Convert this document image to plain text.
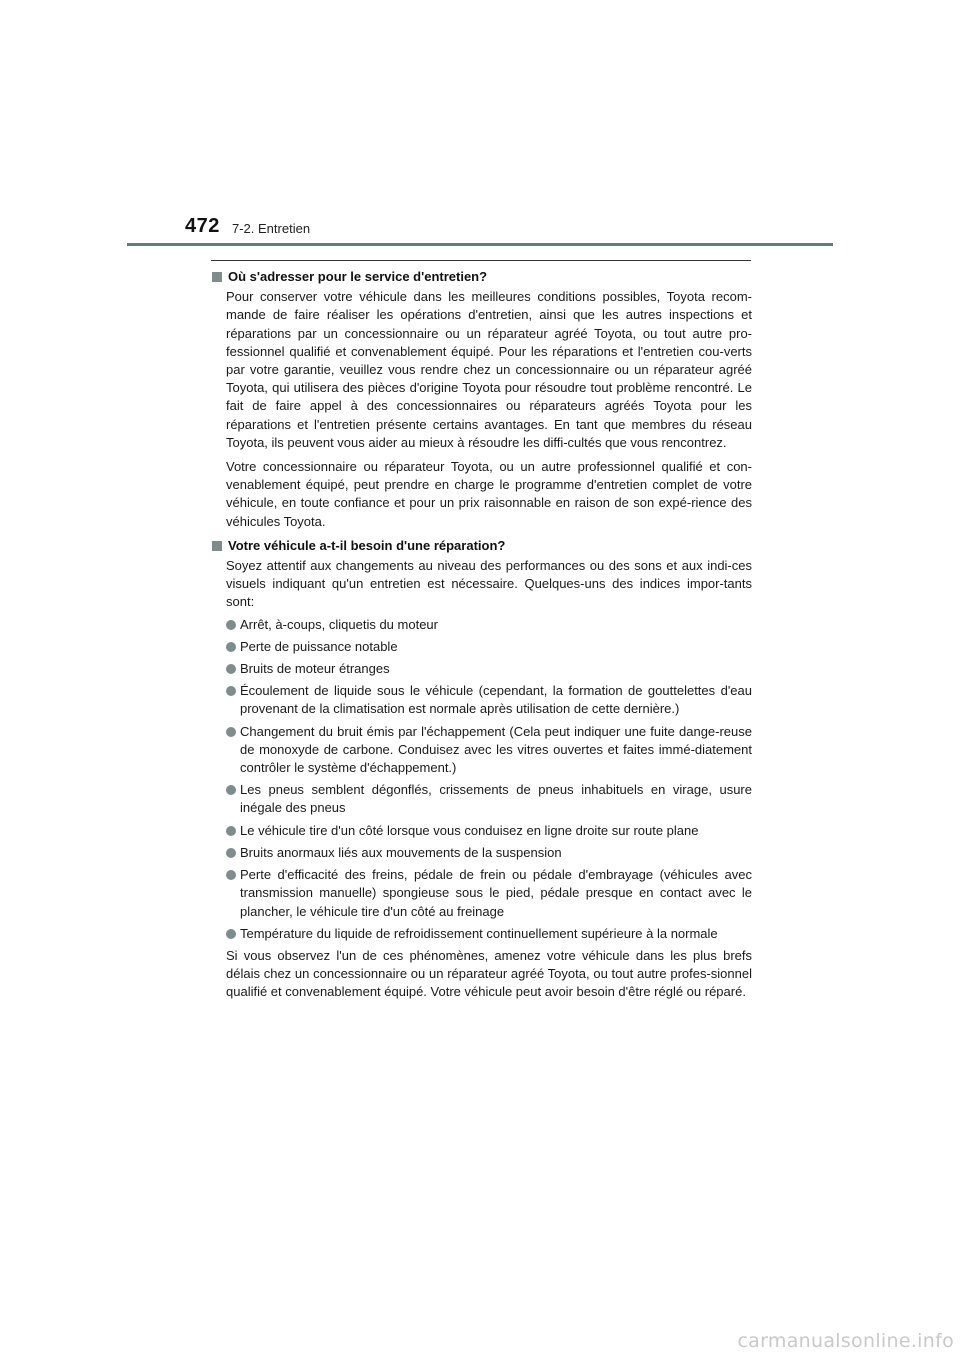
472 7-2. Entretien
Où s'adresser pour le service d'entretien?

Pour conserver votre véhicule dans les meilleures conditions possibles, Toyota recom-mande de faire réaliser les opérations d'entretien, ainsi que les autres inspections et réparations par un concessionnaire ou un réparateur agréé Toyota, ou tout autre pro-fessionnel qualifié et convenablement équipé. Pour les réparations et l'entretien cou-verts par votre garantie, veuillez vous rendre chez un concessionnaire ou un réparateur agréé Toyota, qui utilisera des pièces d'origine Toyota pour résoudre tout problème rencontré. Le fait de faire appel à des concessionnaires ou réparateurs agréés Toyota pour les réparations et l'entretien présente certains avantages. En tant que membres du réseau Toyota, ils peuvent vous aider au mieux à résoudre les diffi-cultés que vous rencontrez.

Votre concessionnaire ou réparateur Toyota, ou un autre professionnel qualifié et con-venablement équipé, peut prendre en charge le programme d'entretien complet de votre véhicule, en toute confiance et pour un prix raisonnable en raison de son expé-rience des véhicules Toyota.

Votre véhicule a-t-il besoin d'une réparation?

Soyez attentif aux changements au niveau des performances ou des sons et aux indi-ces visuels indiquant qu'un entretien est nécessaire. Quelques-uns des indices impor-tants sont:

Arrêt, à-coups, cliquetis du moteur
Perte de puissance notable
Bruits de moteur étranges
Écoulement de liquide sous le véhicule (cependant, la formation de gouttelettes d'eau provenant de la climatisation est normale après utilisation de cette dernière.)
Changement du bruit émis par l'échappement (Cela peut indiquer une fuite dange-reuse de monoxyde de carbone. Conduisez avec les vitres ouvertes et faites immé-diatement contrôler le système d'échappement.)
Les pneus semblent dégonflés, crissements de pneus inhabituels en virage, usure inégale des pneus
Le véhicule tire d'un côté lorsque vous conduisez en ligne droite sur route plane
Bruits anormaux liés aux mouvements de la suspension
Perte d'efficacité des freins, pédale de frein ou pédale d'embrayage (véhicules avec transmission manuelle) spongieuse sous le pied, pédale presque en contact avec le plancher, le véhicule tire d'un côté au freinage
Température du liquide de refroidissement continuellement supérieure à la normale

Si vous observez l'un de ces phénomènes, amenez votre véhicule dans les plus brefs délais chez un concessionnaire ou un réparateur agréé Toyota, ou tout autre profes-sionnel qualifié et convenablement équipé. Votre véhicule peut avoir besoin d'être réglé ou réparé.

carmanualsonline.info
